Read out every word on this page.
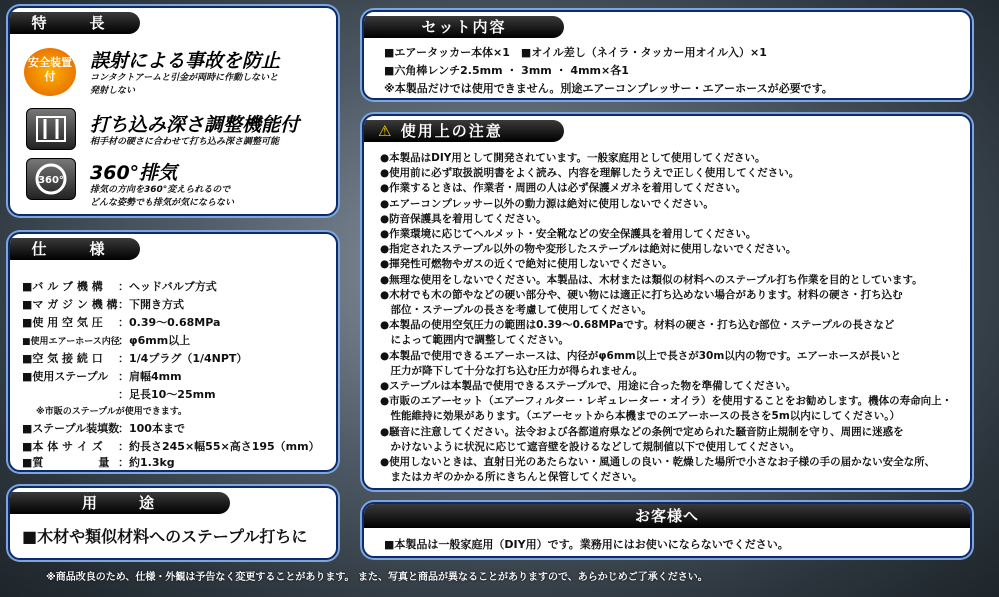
特　長
安全装置付
誤射による事故を防止
コンタクトアームと引金が両時に作動しないと
発射しない
打ち込み深さ調整機能付
相手材の硬さに合わせて打ち込み深さ調整可能
360° 360°排気
排気の方向を360°変えられるので
どんな姿勢でも排気が気にならない
仕　様
■バ ル ブ 機 構 ：ヘッドバルブ方式
■マ ガ ジ ン 機 構：下開き方式
■使 用 空 気 圧 ：0.39〜0.68MPa
■使用エアーホース内径：φ6mm以上
■空 気 接 続 口 ：1/4プラグ（1/4NPT）
■使用ステープル ：肩幅4mm
：足長10〜25mm
※市販のステープルが使用できます。
■ステープル装填数：100本まで
■本 体 サ イ ズ ：約長さ245×幅55×高さ195（mm）
■質　　　　　量 ：約1.3kg
用　　途
■木材や類似材料へのステープル打ちに
セット内容
■エアータッカー本体×1　■オイル差し（ネイラ・タッカー用オイル入）×1
■六角棒レンチ2.5mm ・ 3mm ・ 4mm×各1
※本製品だけでは使用できません。別途エアーコンプレッサー・エアーホースが必要です。
⚠ 使用上の注意
●本製品はDIY用として開発されています。一般家庭用として使用してください。
●使用前に必ず取扱説明書をよく読み、内容を理解したうえで正しく使用してください。
●作業するときは、作業者・周囲の人は必ず保護メガネを着用してください。
●エアーコンプレッサー以外の動力源は絶対に使用しないでください。
●防音保護具を着用してください。
●作業環境に応じてヘルメット・安全靴などの安全保護具を着用してください。
●指定されたステープル以外の物や変形したステープルは絶対に使用しないでください。
●揮発性可燃物やガスの近くで絶対に使用しないでください。
●無理な使用をしないでください。本製品は、木材または類似の材料へのステープル打ち作業を目的としています。
●木材でも木の節やなどの硬い部分や、硬い物には適正に打ち込めない場合があります。材料の硬さ・打ち込む
　部位・ステープルの長さを考慮して使用してください。
●本製品の使用空気圧力の範囲は0.39〜0.68MPaです。材料の硬さ・打ち込む部位・ステープルの長さなど
　によって範囲内で調整してください。
●本製品で使用できるエアーホースは、内径がφ6mm以上で長さが30m以内の物です。エアーホースが長いと
　圧力が降下して十分な打ち込む圧力が得られません。
●ステープルは本製品で使用できるステープルで、用途に合った物を準備してください。
●市販のエアーセット（エアーフィルター・レギュレーター・オイラ）を使用することをお勧めします。機体の寿命向上・
　性能維持に効果があります。（エアーセットから本機までのエアーホースの長さを5m以内にしてください。）
●騒音に注意してください。法令および各都道府県などの条例で定められた騒音防止規制を守り、周囲に迷惑を
　かけないように状況に応じて遮音壁を設けるなどして規制値以下で使用してください。
●使用しないときは、直射日光のあたらない・風通しの良い・乾燥した場所で小さなお子様の手の届かない安全な所、
　またはカギのかかる所にきちんと保管してください。
お客様へ
■本製品は一般家庭用（DIY用）です。業務用にはお使いにならないでください。
※商品改良のため、仕様・外観は予告なく変更することがあります。 また、写真と商品が異なることがありますので、あらかじめご了承ください。
